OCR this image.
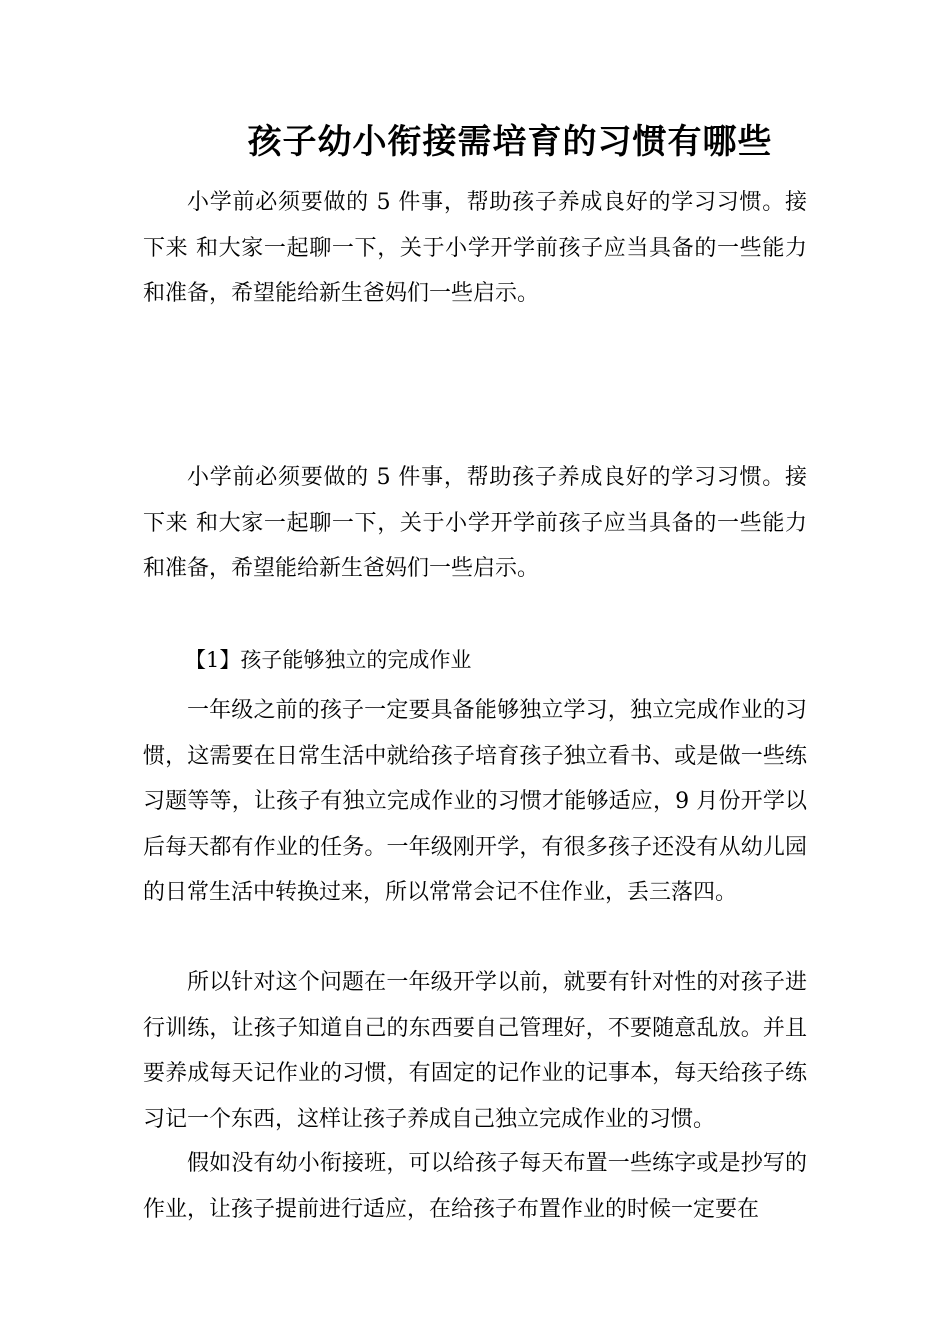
孩子幼小衔接需培育的习惯有哪些

小学前必须要做的 5 件事，帮助孩子养成良好的学习习惯。接下来 和大家一起聊一下，关于小学开学前孩子应当具备的一些能力和准备，希望能给新生爸妈们一些启示。

小学前必须要做的 5 件事，帮助孩子养成良好的学习习惯。接下来 和大家一起聊一下，关于小学开学前孩子应当具备的一些能力和准备，希望能给新生爸妈们一些启示。

【1】孩子能够独立的完成作业

一年级之前的孩子一定要具备能够独立学习，独立完成作业的习惯，这需要在日常生活中就给孩子培育孩子独立看书、或是做一些练习题等等，让孩子有独立完成作业的习惯才能够适应，9 月份开学以后每天都有作业的任务。一年级刚开学，有很多孩子还没有从幼儿园的日常生活中转换过来，所以常常会记不住作业，丢三落四。

所以针对这个问题在一年级开学以前，就要有针对性的对孩子进行训练，让孩子知道自己的东西要自己管理好，不要随意乱放。并且要养成每天记作业的习惯，有固定的记作业的记事本，每天给孩子练习记一个东西，这样让孩子养成自己独立完成作业的习惯。

假如没有幼小衔接班，可以给孩子每天布置一些练字或是抄写的作业，让孩子提前进行适应，在给孩子布置作业的时候一定要在
